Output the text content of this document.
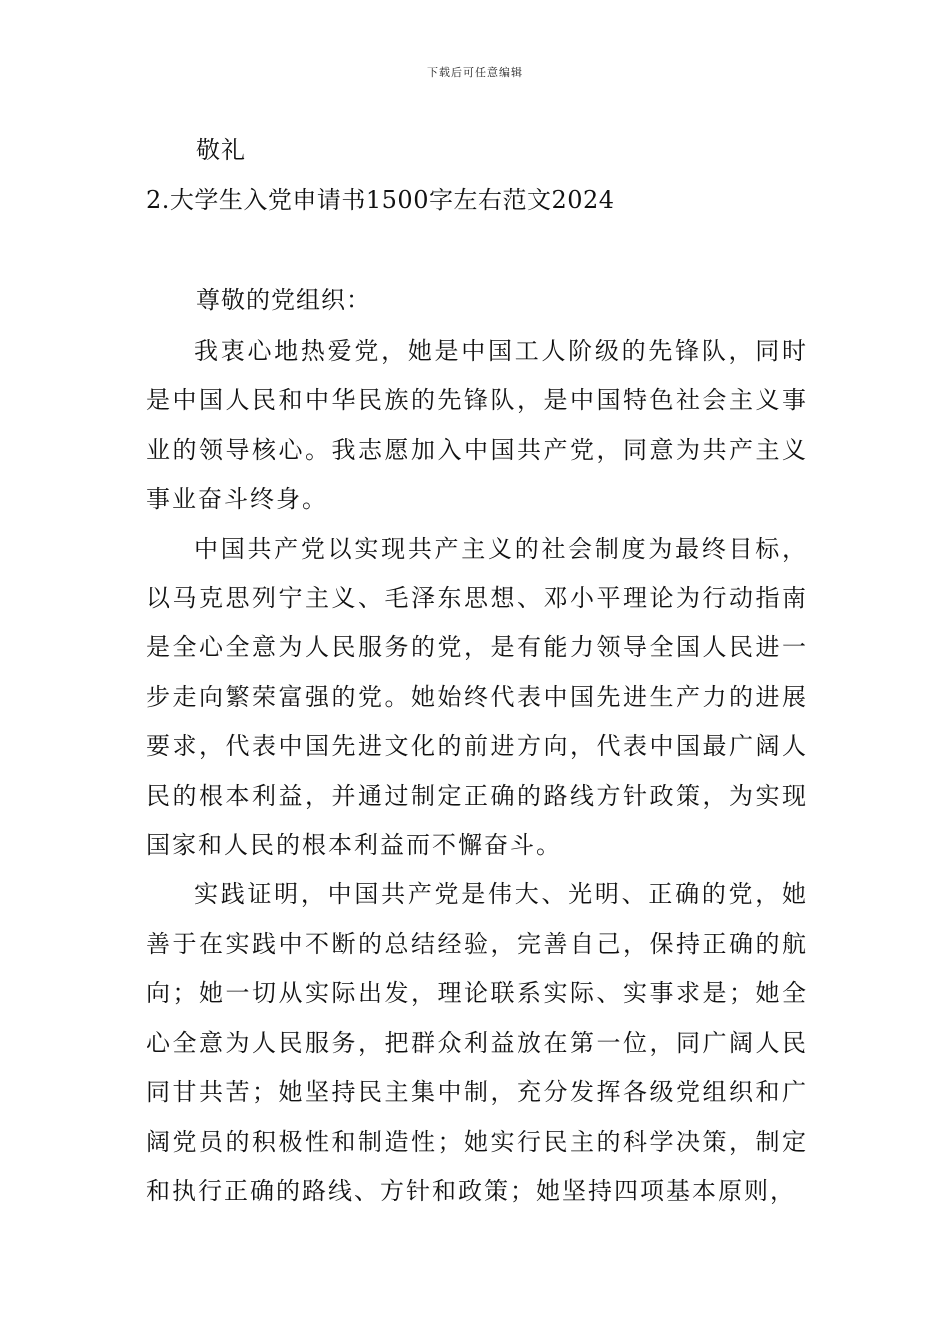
下载后可任意编辑
敬礼
2.大学生入党申请书1500字左右范文2024
尊敬的党组织：

我衷心地热爱党，她是中国工人阶级的先锋队，同时是中国人民和中华民族的先锋队，是中国特色社会主义事业的领导核心。我志愿加入中国共产党，同意为共产主义事业奋斗终身。

中国共产党以实现共产主义的社会制度为最终目标，以马克思列宁主义、毛泽东思想、邓小平理论为行动指南是全心全意为人民服务的党，是有能力领导全国人民进一步走向繁荣富强的党。她始终代表中国先进生产力的进展要求，代表中国先进文化的前进方向，代表中国最广阔人民的根本利益，并通过制定正确的路线方针政策，为实现国家和人民的根本利益而不懈奋斗。

实践证明，中国共产党是伟大、光明、正确的党，她善于在实践中不断的总结经验，完善自己，保持正确的航向；她一切从实际出发，理论联系实际、实事求是；她全心全意为人民服务，把群众利益放在第一位，同广阔人民同甘共苦；她坚持民主集中制，充分发挥各级党组织和广阔党员的积极性和制造性；她实行民主的科学决策，制定和执行正确的路线、方针和政策；她坚持四项基本原则，
